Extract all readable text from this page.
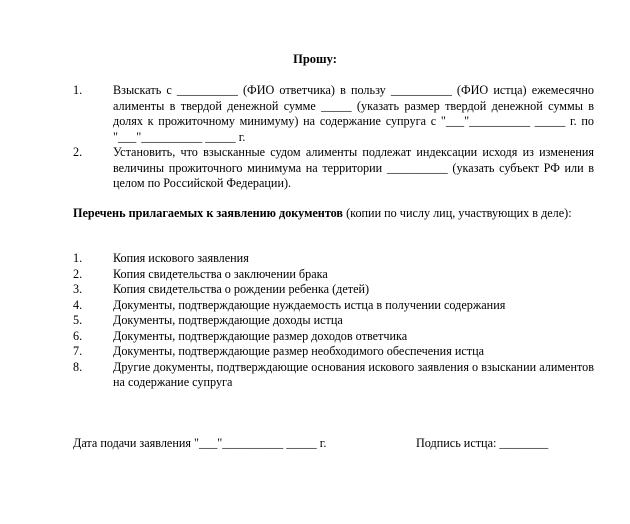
Прошу:
1.	Взыскать с __________ (ФИО ответчика) в пользу __________ (ФИО истца) ежемесячно алименты в твердой денежной сумме _____ (указать размер твердой денежной суммы в долях к прожиточному минимуму) на содержание супруга с "___"__________ _____ г. по "___"__________ _____ г.
2.	Установить, что взысканные судом алименты подлежат индексации исходя из изменения величины прожиточного минимума на территории __________ (указать субъект РФ или в целом по Российской Федерации).
Перечень прилагаемых к заявлению документов (копии по числу лиц, участвующих в деле):
1.	Копия искового заявления
2.	Копия свидетельства о заключении брака
3.	Копия свидетельства о рождении ребенка (детей)
4.	Документы, подтверждающие нуждаемость истца в получении содержания
5.	Документы, подтверждающие доходы истца
6.	Документы, подтверждающие размер доходов ответчика
7.	Документы, подтверждающие размер необходимого обеспечения истца
8.	Другие документы, подтверждающие основания искового заявления о взыскании алиментов на содержание супруга
Дата подачи заявления "___"__________ _____ г.	Подпись истца: ________
